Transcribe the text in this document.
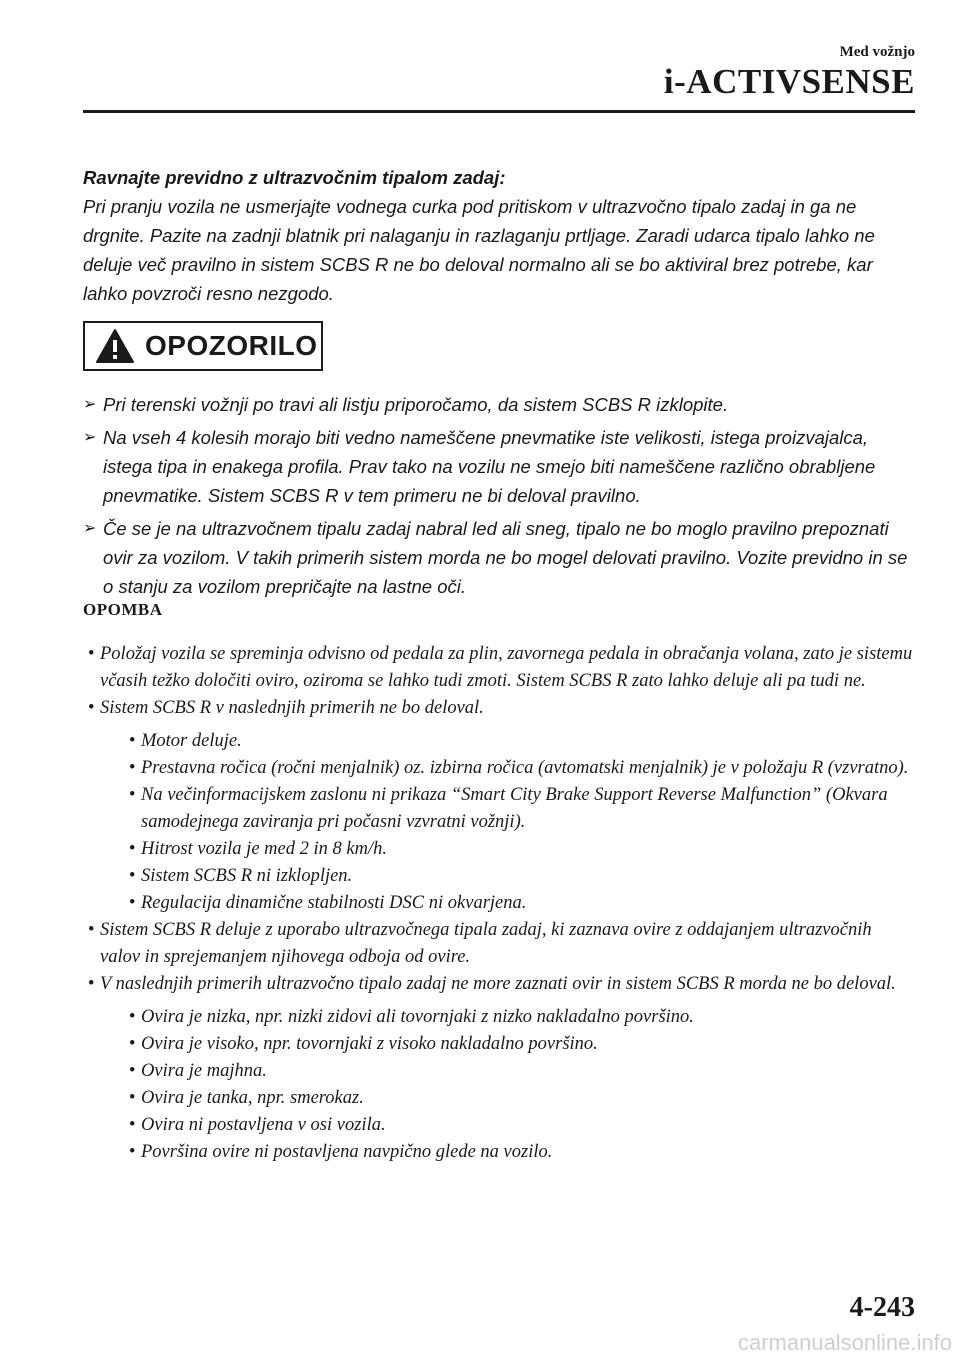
Med vožnjo
i-ACTIVSENSE
Ravnajte previdno z ultrazvočnim tipalom zadaj:
Pri pranju vozila ne usmerjajte vodnega curka pod pritiskom v ultrazvočno tipalo zadaj in ga ne drgnite. Pazite na zadnji blatnik pri nalaganju in razlaganju prtljage. Zaradi udarca tipalo lahko ne deluje več pravilno in sistem SCBS R ne bo deloval normalno ali se bo aktiviral brez potrebe, kar lahko povzroči resno nezgodo.
OPOZORILO
➢ Pri terenski vožnji po travi ali listju priporočamo, da sistem SCBS R izklopite.
➢ Na vseh 4 kolesih morajo biti vedno nameščene pnevmatike iste velikosti, istega proizvajalca, istega tipa in enakega profila. Prav tako na vozilu ne smejo biti nameščene različno obrabljene pnevmatike. Sistem SCBS R v tem primeru ne bi deloval pravilno.
➢ Če se je na ultrazvočnem tipalu zadaj nabral led ali sneg, tipalo ne bo moglo pravilno prepoznati ovir za vozilom. V takih primerih sistem morda ne bo mogel delovati pravilno. Vozite previdno in se o stanju za vozilom prepričajte na lastne oči.
OPOMBA
• Položaj vozila se spreminja odvisno od pedala za plin, zavornega pedala in obračanja volana, zato je sistemu včasih težko določiti oviro, oziroma se lahko tudi zmoti. Sistem SCBS R zato lahko deluje ali pa tudi ne.
• Sistem SCBS R v naslednjih primerih ne bo deloval.
• Motor deluje.
• Prestavna ročica (ročni menjalnik) oz. izbirna ročica (avtomatski menjalnik) je v položaju R (vzvratno).
• Na večinformacijskem zaslonu ni prikaza “Smart City Brake Support Reverse Malfunction” (Okvara samodejnega zaviranja pri počasni vzvratni vožnji).
• Hitrost vozila je med 2 in 8 km/h.
• Sistem SCBS R ni izklopljen.
• Regulacija dinamične stabilnosti DSC ni okvarjena.
• Sistem SCBS R deluje z uporabo ultrazvočnega tipala zadaj, ki zaznava ovire z oddajanjem ultrazvočnih valov in sprejemanjem njihovega odboja od ovire.
• V naslednjih primerih ultrazvočno tipalo zadaj ne more zaznati ovir in sistem SCBS R morda ne bo deloval.
• Ovira je nizka, npr. nizki zidovi ali tovornjaki z nizko nakladalno površino.
• Ovira je visoko, npr. tovornjaki z visoko nakladalno površino.
• Ovira je majhna.
• Ovira je tanka, npr. smerokaz.
• Ovira ni postavljena v osi vozila.
• Površina ovire ni postavljena navpično glede na vozilo.
4-243
carmanualsonline.info
